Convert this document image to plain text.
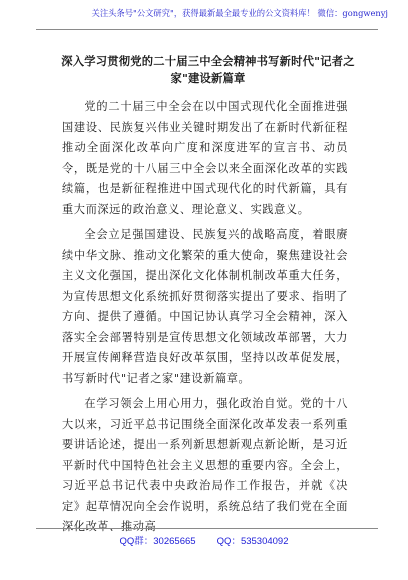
关注头条号"公文研究"，获得最新最全最专业的公文资料库！ 微信：gongwenyj
深入学习贯彻党的二十届三中全会精神书写新时代"记者之家"建设新篇章

党的二十届三中全会在以中国式现代化全面推进强国建设、民族复兴伟业关键时期发出了在新时代新征程推动全面深化改革向广度和深度进军的宣言书、动员令，既是党的十八届三中全会以来全面深化改革的实践续篇，也是新征程推进中国式现代化的时代新篇，具有重大而深远的政治意义、理论意义、实践意义。

全会立足强国建设、民族复兴的战略高度，着眼赓续中华文脉、推动文化繁荣的重大使命，聚焦建设社会主义文化强国，提出深化文化体制机制改革重大任务，为宣传思想文化系统抓好贯彻落实提出了要求、指明了方向、提供了遵循。中国记协认真学习全会精神，深入落实全会部署特别是宣传思想文化领域改革部署，大力开展宣传阐释营造良好改革氛围，坚持以改革促发展，书写新时代"记者之家"建设新篇章。

在学习领会上用心用力，强化政治自觉。党的十八大以来，习近平总书记围绕全面深化改革发表一系列重要讲话论述，提出一系列新思想新观点新论断，是习近平新时代中国特色社会主义思想的重要内容。全会上，习近平总书记代表中央政治局作工作报告，并就《决定》起草情况向全会作说明，系统总结了我们党在全面深化改革、推动高

QQ群：30265665        QQ：535304092
